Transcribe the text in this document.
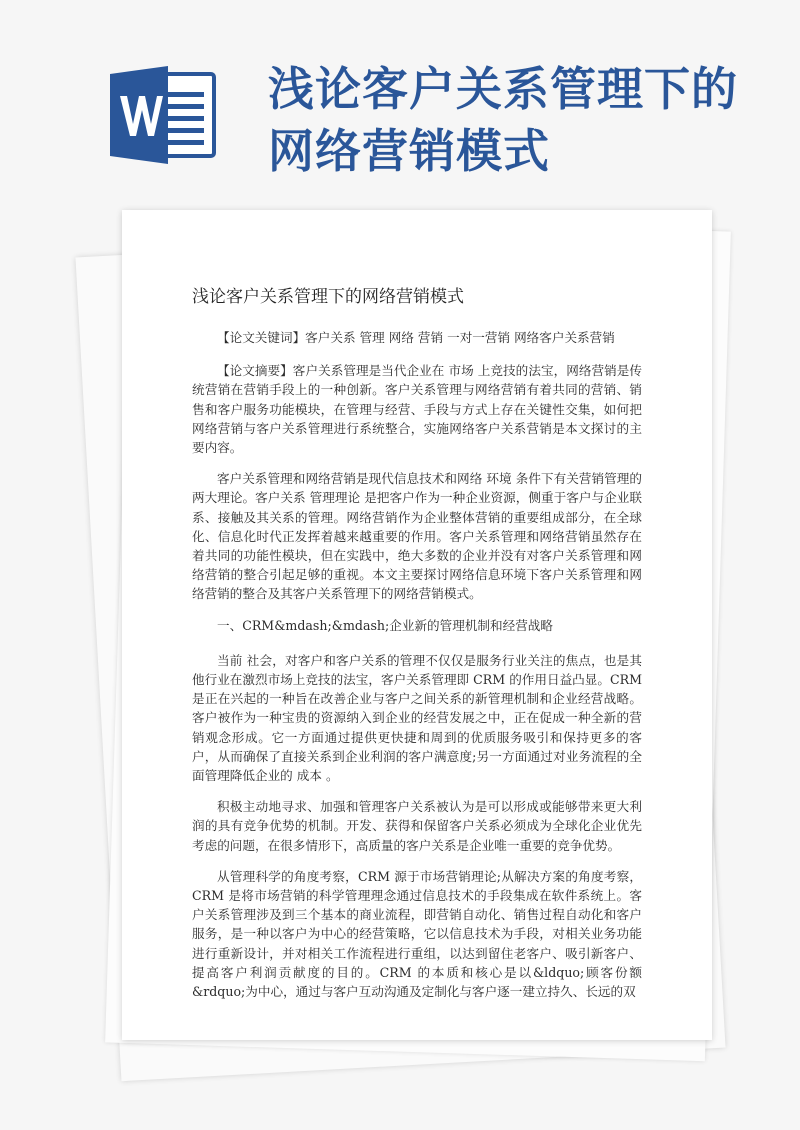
浅论客户关系管理下的
网络营销模式
浅论客户关系管理下的网络营销模式

【论文关键词】客户关系 管理 网络 营销 一对一营销 网络客户关系营销

【论文摘要】客户关系管理是当代企业在 市场 上竞技的法宝，网络营销是传统营销在营销手段上的一种创新。客户关系管理与网络营销有着共同的营销、销售和客户服务功能模块，在管理与经营、手段与方式上存在关键性交集，如何把网络营销与客户关系管理进行系统整合，实施网络客户关系营销是本文探讨的主要内容。

客户关系管理和网络营销是现代信息技术和网络 环境 条件下有关营销管理的两大理论。客户关系 管理理论 是把客户作为一种企业资源，侧重于客户与企业联系、接触及其关系的管理。网络营销作为企业整体营销的重要组成部分，在全球化、信息化时代正发挥着越来越重要的作用。客户关系管理和网络营销虽然存在着共同的功能性模块，但在实践中，绝大多数的企业并没有对客户关系管理和网络营销的整合引起足够的重视。本文主要探讨网络信息环境下客户关系管理和网络营销的整合及其客户关系管理下的网络营销模式。

一、CRM&mdash;&mdash;企业新的管理机制和经营战略

当前 社会，对客户和客户关系的管理不仅仅是服务行业关注的焦点，也是其他行业在激烈市场上竞技的法宝，客户关系管理即 CRM 的作用日益凸显。CRM 是正在兴起的一种旨在改善企业与客户之间关系的新管理机制和企业经营战略。客户被作为一种宝贵的资源纳入到企业的经营发展之中，正在促成一种全新的营销观念形成。它一方面通过提供更快捷和周到的优质服务吸引和保持更多的客户，从而确保了直接关系到企业利润的客户满意度;另一方面通过对业务流程的全面管理降低企业的 成本 。

积极主动地寻求、加强和管理客户关系被认为是可以形成或能够带来更大利润的具有竞争优势的机制。开发、获得和保留客户关系必须成为全球化企业优先考虑的问题，在很多情形下，高质量的客户关系是企业唯一重要的竞争优势。

从管理科学的角度考察，CRM 源于市场营销理论;从解决方案的角度考察，CRM 是将市场营销的科学管理理念通过信息技术的手段集成在软件系统上。客户关系管理涉及到三个基本的商业流程，即营销自动化、销售过程自动化和客户服务，是一种以客户为中心的经营策略，它以信息技术为手段，对相关业务功能进行重新设计，并对相关工作流程进行重组，以达到留住老客户、吸引新客户、提高客户利润贡献度的目的。CRM 的本质和核心是以&ldquo;顾客份额&rdquo;为中心，通过与客户互动沟通及定制化与客户逐一建立持久、长远的双
